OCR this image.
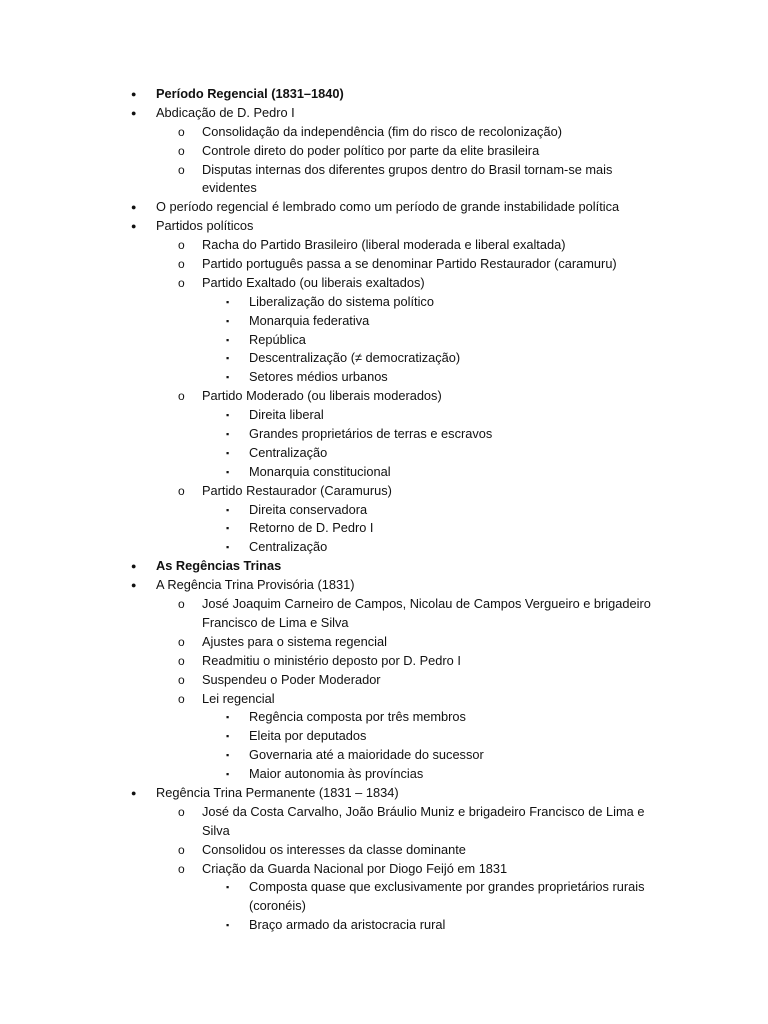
● Período Regencial (1831–1840)
● Abdicação de D. Pedro I
o Consolidação da independência (fim do risco de recolonização)
o Controle direto do poder político por parte da elite brasileira
o Disputas internas dos diferentes grupos dentro do Brasil tornam-se mais
evidentes
● O período regencial é lembrado como um período de grande instabilidade política
● Partidos políticos
o Racha do Partido Brasileiro (liberal moderada e liberal exaltada)
o Partido português passa a se denominar Partido Restaurador (caramuru)
o Partido Exaltado (ou liberais exaltados)
▪ Liberalização do sistema político
▪ Monarquia federativa
▪ República
▪ Descentralização (≠ democratização)
▪ Setores médios urbanos
o Partido Moderado (ou liberais moderados)
▪ Direita liberal
▪ Grandes proprietários de terras e escravos
▪ Centralização
▪ Monarquia constitucional
o Partido Restaurador (Caramurus)
▪ Direita conservadora
▪ Retorno de D. Pedro I
▪ Centralização
● As Regências Trinas
● A Regência Trina Provisória (1831)
o José Joaquim Carneiro de Campos, Nicolau de Campos Vergueiro e brigadeiro
Francisco de Lima e Silva
o Ajustes para o sistema regencial
o Readmitiu o ministério deposto por D. Pedro I
o Suspendeu o Poder Moderador
o Lei regencial
▪ Regência composta por três membros
▪ Eleita por deputados
▪ Governaria até a maioridade do sucessor
▪ Maior autonomia às províncias
● Regência Trina Permanente (1831 – 1834)
o José da Costa Carvalho, João Bráulio Muniz e brigadeiro Francisco de Lima e
Silva
o Consolidou os interesses da classe dominante
o Criação da Guarda Nacional por Diogo Feijó em 1831
▪ Composta quase que exclusivamente por grandes proprietários rurais
(coronéis)
▪ Braço armado da aristocracia rural
